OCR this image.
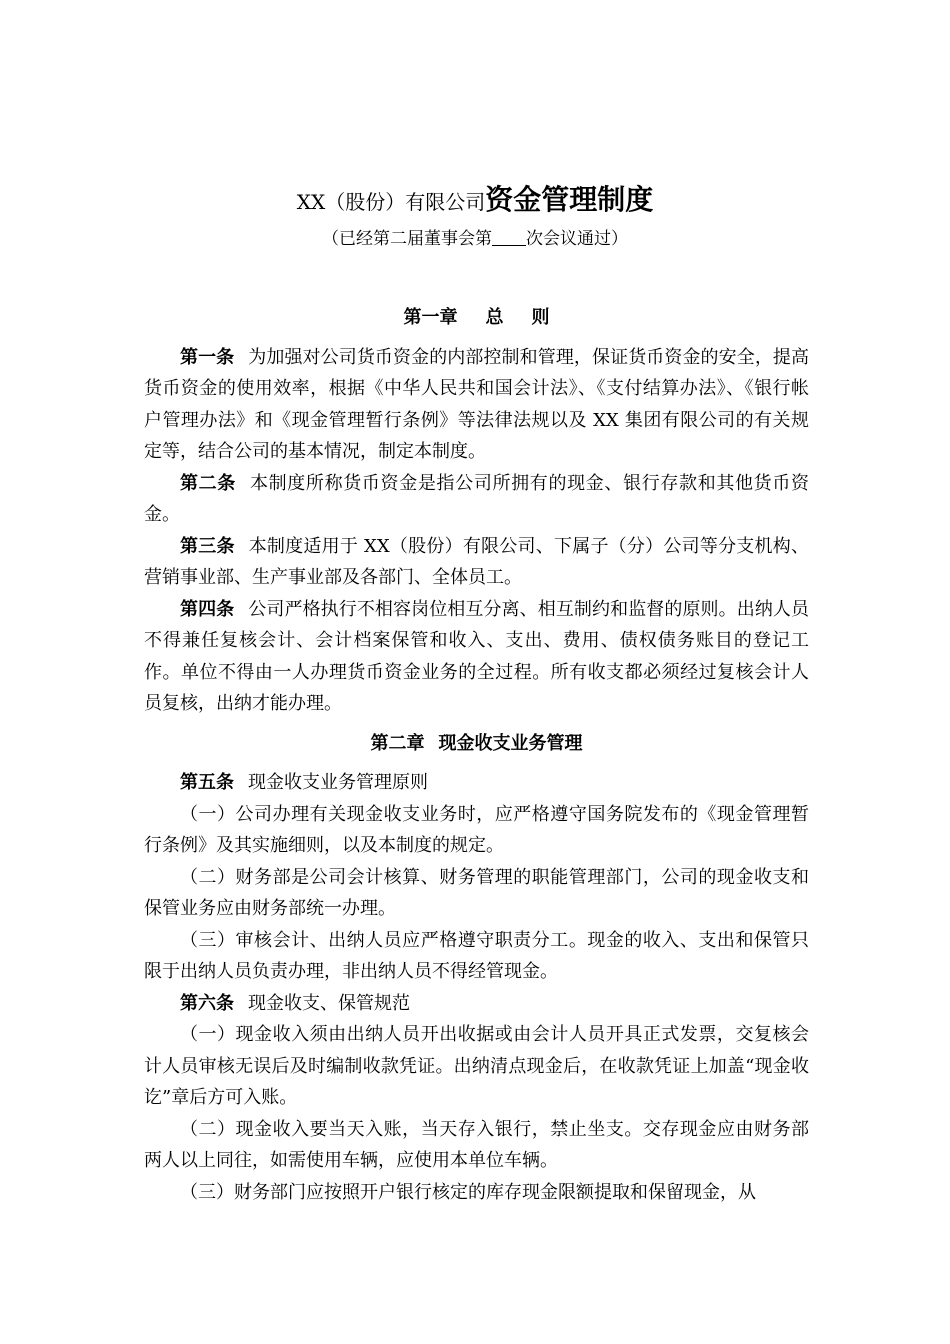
XX（股份）有限公司资金管理制度
（已经第二届董事会第 次会议通过）
第一章 总 则

第一条 为加强对公司货币资金的内部控制和管理，保证货币资金的安全，提高货币资金的使用效率，根据《中华人民共和国会计法》、《支付结算办法》、《银行帐户管理办法》和《现金管理暂行条例》等法律法规以及 XX 集团有限公司的有关规定等，结合公司的基本情况，制定本制度。

第二条 本制度所称货币资金是指公司所拥有的现金、银行存款和其他货币资金。

第三条 本制度适用于 XX（股份）有限公司、下属子（分）公司等分支机构、营销事业部、生产事业部及各部门、全体员工。

第四条 公司严格执行不相容岗位相互分离、相互制约和监督的原则。出纳人员不得兼任复核会计、会计档案保管和收入、支出、费用、债权债务账目的登记工作。单位不得由一人办理货币资金业务的全过程。所有收支都必须经过复核会计人员复核，出纳才能办理。

第二章 现金收支业务管理

第五条 现金收支业务管理原则

（一）公司办理有关现金收支业务时，应严格遵守国务院发布的《现金管理暂行条例》及其实施细则，以及本制度的规定。

（二）财务部是公司会计核算、财务管理的职能管理部门，公司的现金收支和保管业务应由财务部统一办理。

（三）审核会计、出纳人员应严格遵守职责分工。现金的收入、支出和保管只限于出纳人员负责办理，非出纳人员不得经管现金。

第六条 现金收支、保管规范

（一）现金收入须由出纳人员开出收据或由会计人员开具正式发票，交复核会计人员审核无误后及时编制收款凭证。出纳清点现金后，在收款凭证上加盖“现金收讫”章后方可入账。

（二）现金收入要当天入账，当天存入银行，禁止坐支。交存现金应由财务部两人以上同往，如需使用车辆，应使用本单位车辆。

（三）财务部门应按照开户银行核定的库存现金限额提取和保留现金，从
